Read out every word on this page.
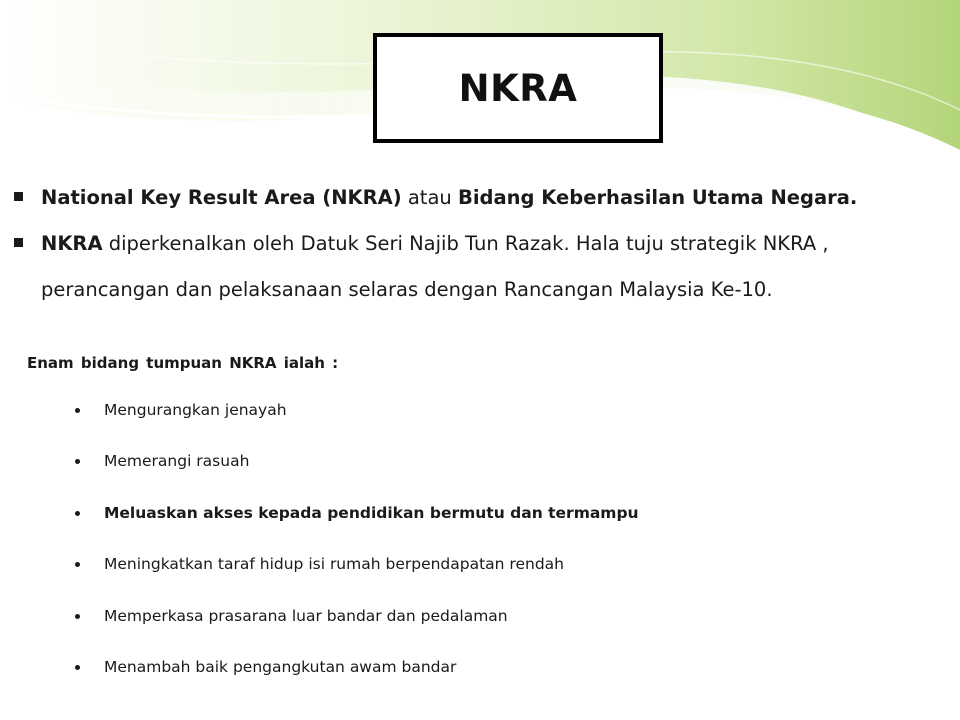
NKRA
National Key Result Area (NKRA) atau Bidang Keberhasilan Utama Negara.
NKRA diperkenalkan oleh Datuk Seri Najib Tun Razak. Hala tuju strategik NKRA , perancangan dan pelaksanaan selaras dengan Rancangan Malaysia Ke-10.
Enam bidang tumpuan NKRA ialah :
Mengurangkan jenayah
Memerangi rasuah
Meluaskan akses kepada pendidikan bermutu dan termampu
Meningkatkan taraf hidup isi rumah berpendapatan rendah
Memperkasa prasarana luar bandar dan pedalaman
Menambah baik pengangkutan awam bandar
